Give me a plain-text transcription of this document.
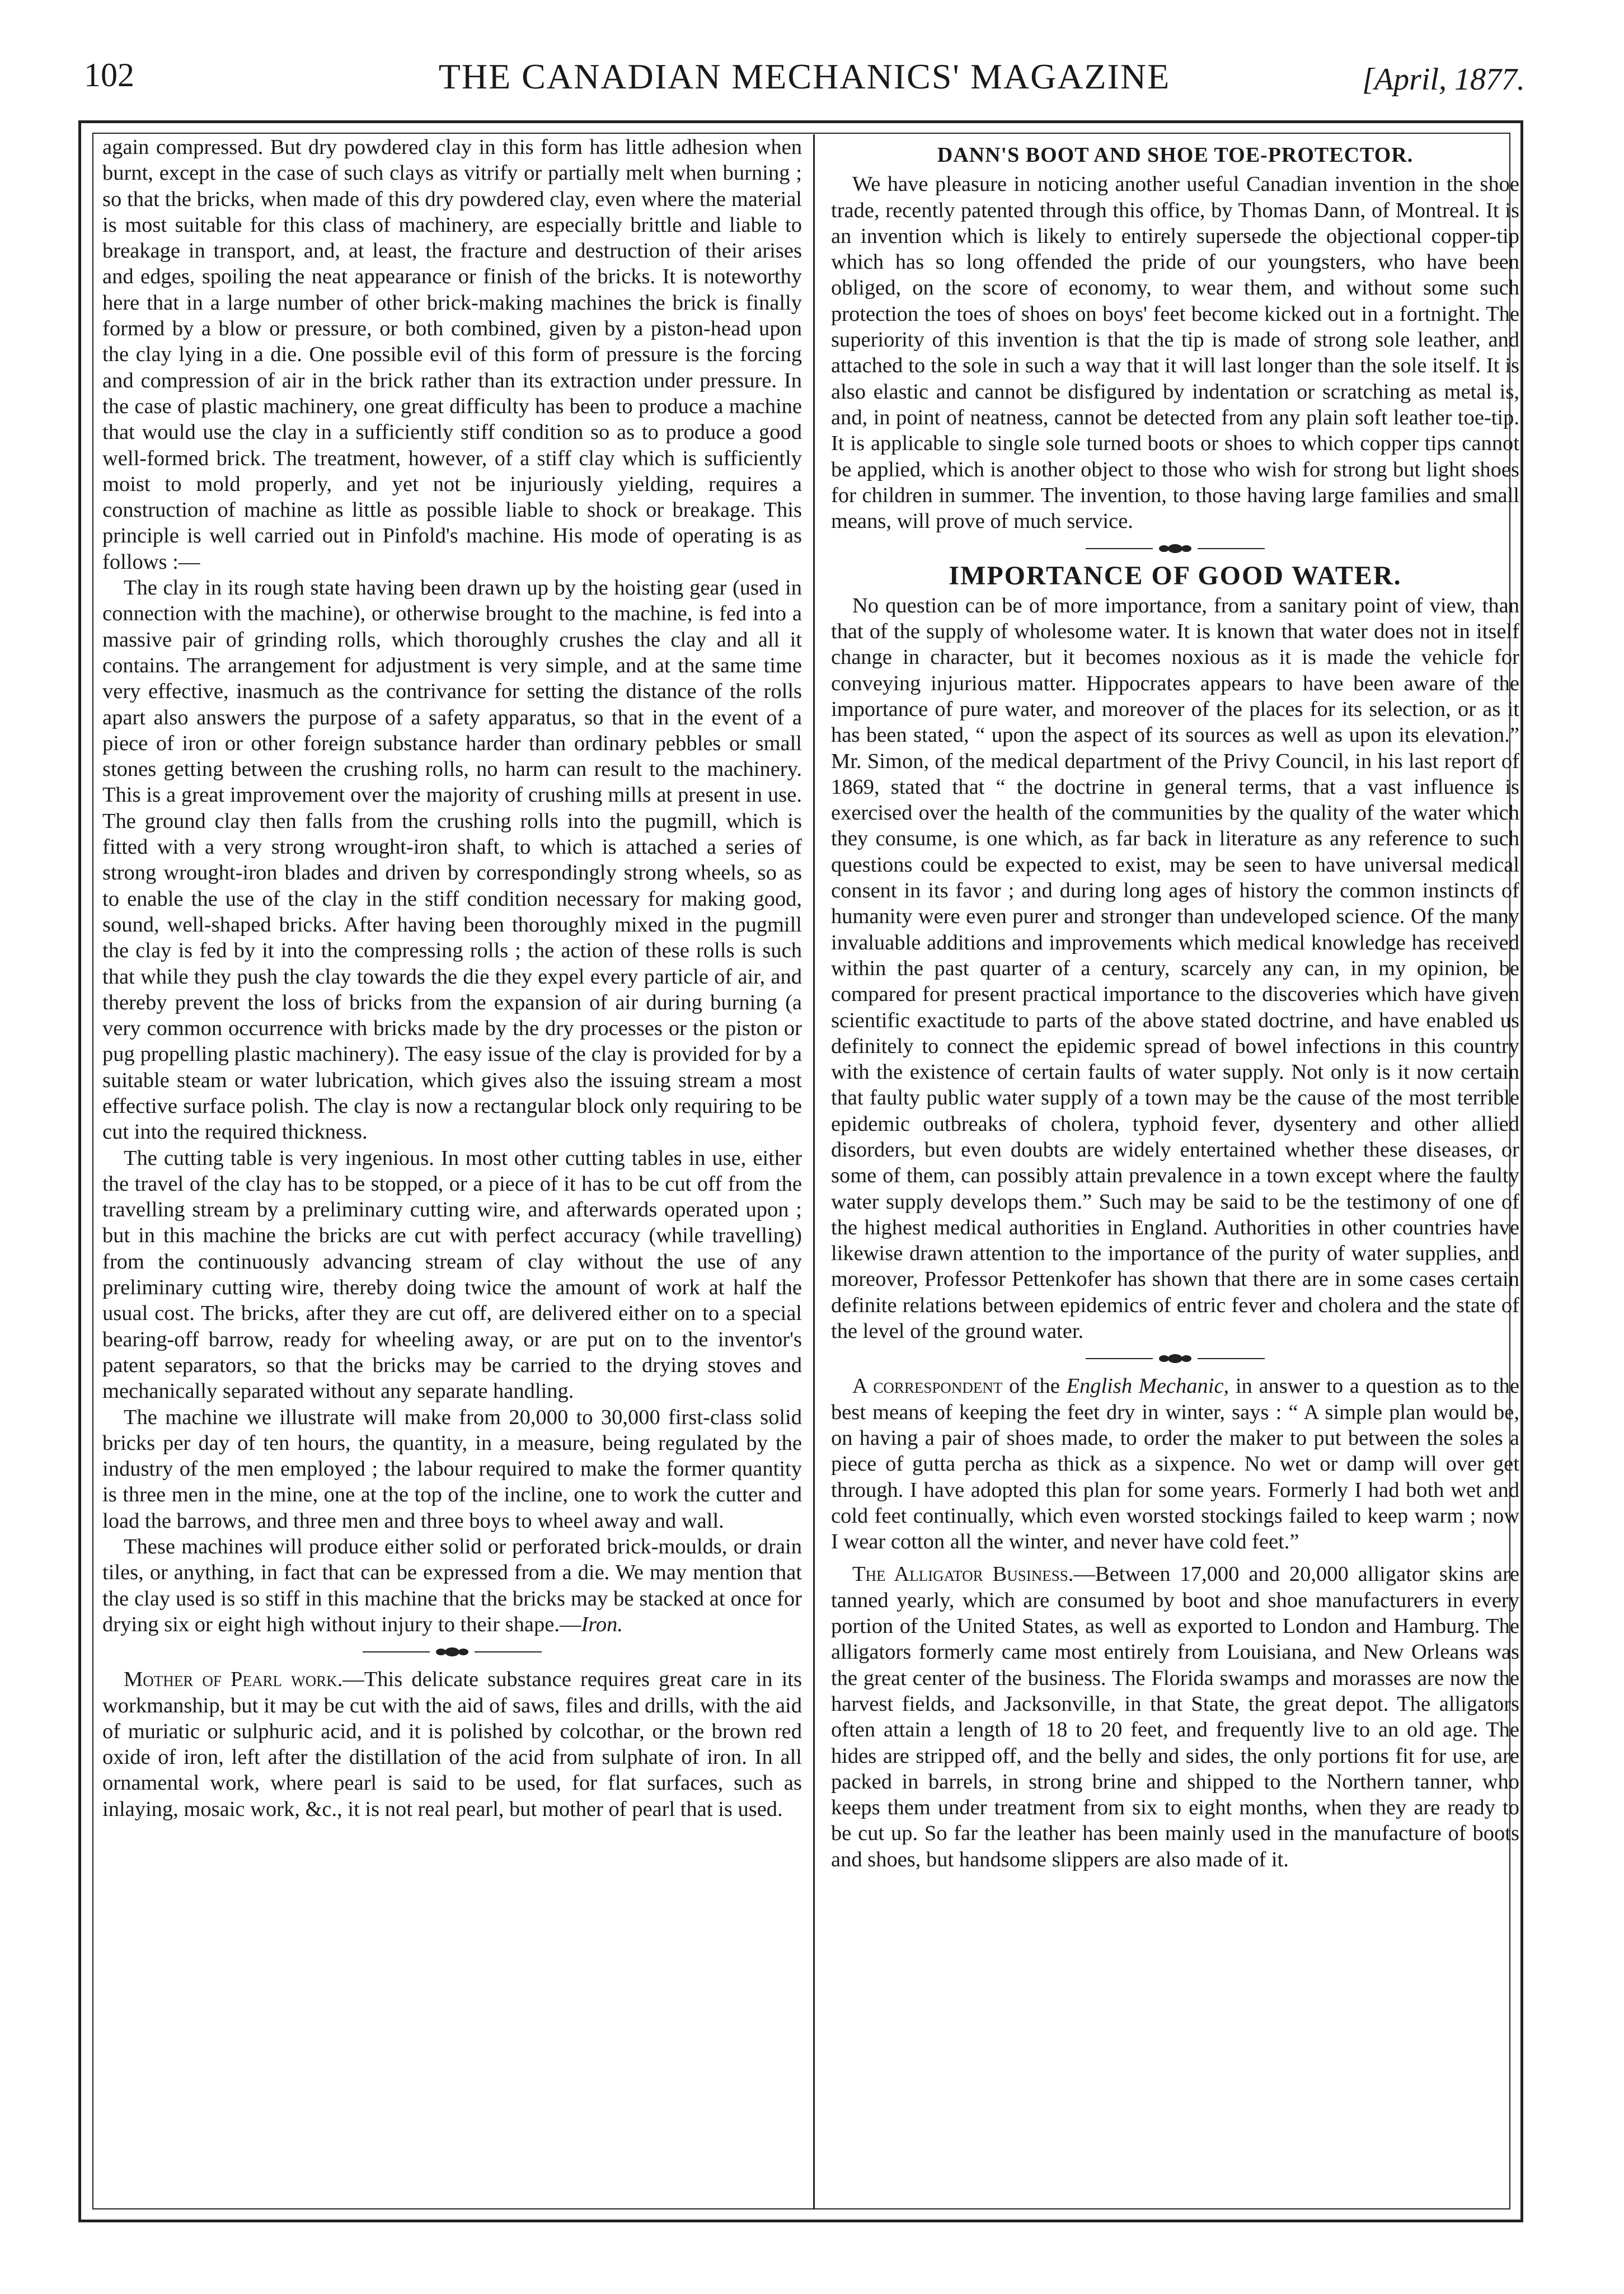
102	THE CANADIAN MECHANICS' MAGAZINE	[April, 1877.

again compressed. But dry powdered clay in this form has little adhesion when burnt, except in the case of such clays as vitrify or partially melt when burning ; so that the bricks, when made of this dry powdered clay, even where the material is most suitable for this class of machinery, are especially brittle and liable to breakage in transport, and, at least, the fracture and destruction of their arises and edges, spoiling the neat appearance or finish of the bricks. It is noteworthy here that in a large number of other brick-making machines the brick is finally formed by a blow or pressure, or both combined, given by a piston-head upon the clay lying in a die. One possible evil of this form of pressure is the forcing and compression of air in the brick rather than its extraction under pressure. In the case of plastic machinery, one great difficulty has been to produce a machine that would use the clay in a sufficiently stiff condition so as to produce a good well-formed brick. The treatment, however, of a stiff clay which is sufficiently moist to mold properly, and yet not be injuriously yielding, requires a construction of machine as little as possible liable to shock or breakage. This principle is well carried out in Pinfold's machine. His mode of operating is as follows :—

The clay in its rough state having been drawn up by the hoisting gear (used in connection with the machine), or otherwise brought to the machine, is fed into a massive pair of grinding rolls, which thoroughly crushes the clay and all it contains. The arrangement for adjustment is very simple, and at the same time very effective, inasmuch as the contrivance for setting the distance of the rolls apart also answers the purpose of a safety apparatus, so that in the event of a piece of iron or other foreign substance harder than ordinary pebbles or small stones getting between the crushing rolls, no harm can result to the machinery. This is a great improvement over the majority of crushing mills at present in use. The ground clay then falls from the crushing rolls into the pugmill, which is fitted with a very strong wrought-iron shaft, to which is attached a series of strong wrought-iron blades and driven by correspondingly strong wheels, so as to enable the use of the clay in the stiff condition necessary for making good, sound, well-shaped bricks. After having been thoroughly mixed in the pugmill the clay is fed by it into the compressing rolls ; the action of these rolls is such that while they push the clay towards the die they expel every particle of air, and thereby prevent the loss of bricks from the expansion of air during burning (a very common occurrence with bricks made by the dry processes or the piston or pug propelling plastic machinery). The easy issue of the clay is provided for by a suitable steam or water lubrication, which gives also the issuing stream a most effective surface polish. The clay is now a rectangular block only requiring to be cut into the required thickness.

The cutting table is very ingenious. In most other cutting tables in use, either the travel of the clay has to be stopped, or a piece of it has to be cut off from the travelling stream by a preliminary cutting wire, and afterwards operated upon ; but in this machine the bricks are cut with perfect accuracy (while travelling) from the continuously advancing stream of clay without the use of any preliminary cutting wire, thereby doing twice the amount of work at half the usual cost. The bricks, after they are cut off, are delivered either on to a special bearing-off barrow, ready for wheeling away, or are put on to the inventor's patent separators, so that the bricks may be carried to the drying stoves and mechanically separated without any separate handling.

The machine we illustrate will make from 20,000 to 30,000 first-class solid bricks per day of ten hours, the quantity, in a measure, being regulated by the industry of the men employed ; the labour required to make the former quantity is three men in the mine, one at the top of the incline, one to work the cutter and load the barrows, and three men and three boys to wheel away and wall.

These machines will produce either solid or perforated brick-moulds, or drain tiles, or anything, in fact that can be expressed from a die. We may mention that the clay used is so stiff in this machine that the bricks may be stacked at once for drying six or eight high without injury to their shape.—Iron.

Mother of Pearl work.—This delicate substance requires great care in its workmanship, but it may be cut with the aid of saws, files and drills, with the aid of muriatic or sulphuric acid, and it is polished by colcothar, or the brown red oxide of iron, left after the distillation of the acid from sulphate of iron. In all ornamental work, where pearl is said to be used, for flat surfaces, such as inlaying, mosaic work, &c., it is not real pearl, but mother of pearl that is used.

DANN'S BOOT AND SHOE TOE-PROTECTOR.

We have pleasure in noticing another useful Canadian invention in the shoe trade, recently patented through this office, by Thomas Dann, of Montreal. It is an invention which is likely to entirely supersede the objectional copper-tip which has so long offended the pride of our youngsters, who have been obliged, on the score of economy, to wear them, and without some such protection the toes of shoes on boys' feet become kicked out in a fortnight. The superiority of this invention is that the tip is made of strong sole leather, and attached to the sole in such a way that it will last longer than the sole itself. It is also elastic and cannot be disfigured by indentation or scratching as metal is, and, in point of neatness, cannot be detected from any plain soft leather toe-tip. It is applicable to single sole turned boots or shoes to which copper tips cannot be applied, which is another object to those who wish for strong but light shoes for children in summer. The invention, to those having large families and small means, will prove of much service.

IMPORTANCE OF GOOD WATER.

No question can be of more importance, from a sanitary point of view, than that of the supply of wholesome water. It is known that water does not in itself change in character, but it becomes noxious as it is made the vehicle for conveying injurious matter. Hippocrates appears to have been aware of the importance of pure water, and moreover of the places for its selection, or as it has been stated, “ upon the aspect of its sources as well as upon its elevation.” Mr. Simon, of the medical department of the Privy Council, in his last report of 1869, stated that “ the doctrine in general terms, that a vast influence is exercised over the health of the communities by the quality of the water which they consume, is one which, as far back in literature as any reference to such questions could be expected to exist, may be seen to have universal medical consent in its favor ; and during long ages of history the common instincts of humanity were even purer and stronger than undeveloped science. Of the many invaluable additions and improvements which medical knowledge has received within the past quarter of a century, scarcely any can, in my opinion, be compared for present practical importance to the discoveries which have given scientific exactitude to parts of the above stated doctrine, and have enabled us definitely to connect the epidemic spread of bowel infections in this country with the existence of certain faults of water supply. Not only is it now certain that faulty public water supply of a town may be the cause of the most terrible epidemic outbreaks of cholera, typhoid fever, dysentery and other allied disorders, but even doubts are widely entertained whether these diseases, or some of them, can possibly attain prevalence in a town except where the faulty water supply develops them.” Such may be said to be the testimony of one of the highest medical authorities in England. Authorities in other countries have likewise drawn attention to the importance of the purity of water supplies, and moreover, Professor Pettenkofer has shown that there are in some cases certain definite relations between epidemics of entric fever and cholera and the state of the level of the ground water.

A correspondent of the English Mechanic, in answer to a question as to the best means of keeping the feet dry in winter, says : “ A simple plan would be, on having a pair of shoes made, to order the maker to put between the soles a piece of gutta percha as thick as a sixpence. No wet or damp will over get through. I have adopted this plan for some years. Formerly I had both wet and cold feet continually, which even worsted stockings failed to keep warm ; now I wear cotton all the winter, and never have cold feet.”

The Alligator Business.—Between 17,000 and 20,000 alligator skins are tanned yearly, which are consumed by boot and shoe manufacturers in every portion of the United States, as well as exported to London and Hamburg. The alligators formerly came most entirely from Louisiana, and New Orleans was the great center of the business. The Florida swamps and morasses are now the harvest fields, and Jacksonville, in that State, the great depot. The alligators often attain a length of 18 to 20 feet, and frequently live to an old age. The hides are stripped off, and the belly and sides, the only portions fit for use, are packed in barrels, in strong brine and shipped to the Northern tanner, who keeps them under treatment from six to eight months, when they are ready to be cut up. So far the leather has been mainly used in the manufacture of boots and shoes, but handsome slippers are also made of it.
